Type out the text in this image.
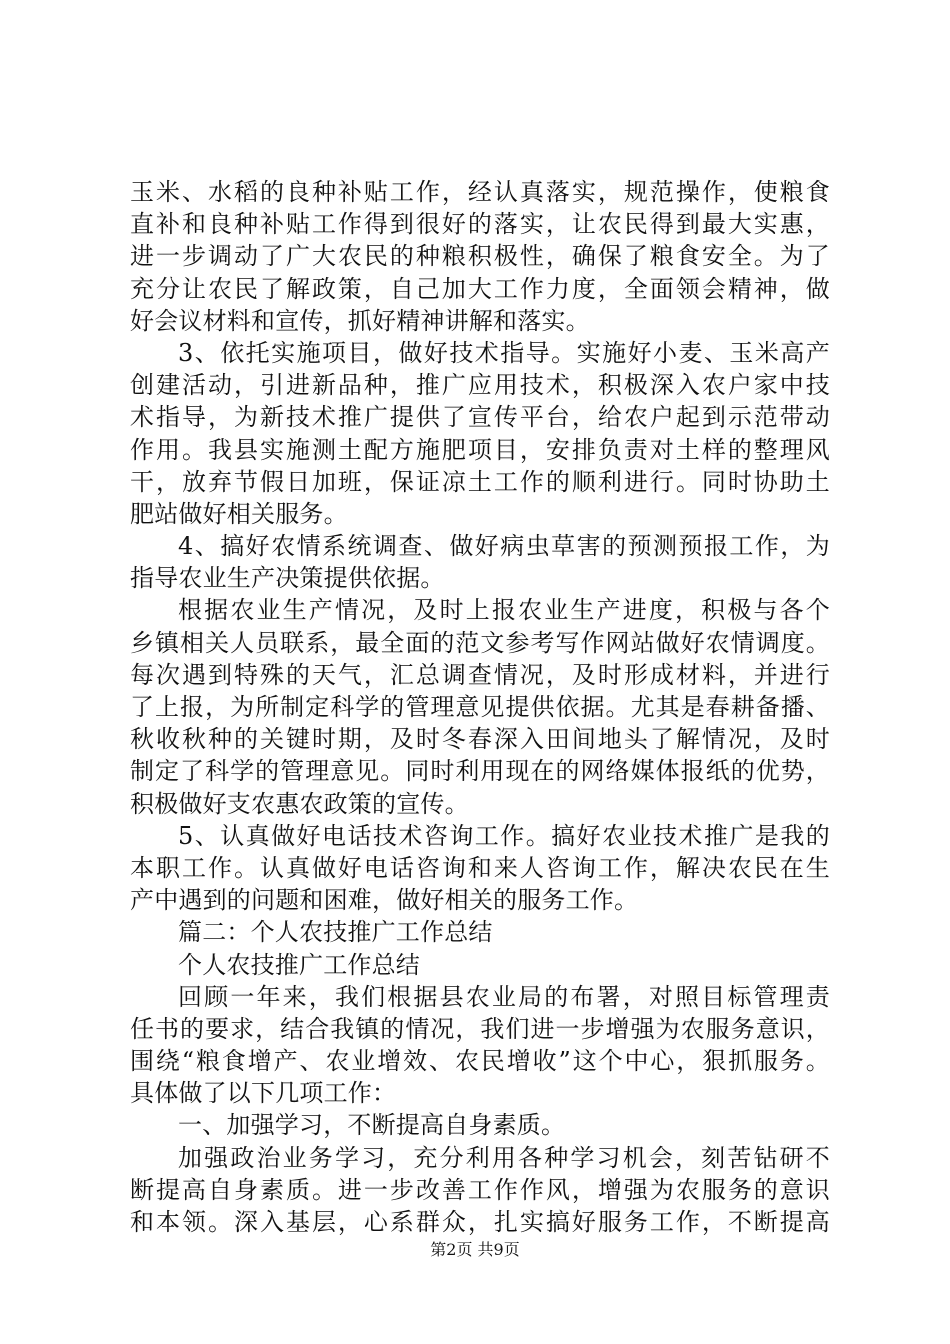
玉米、水稻的良种补贴工作，经认真落实，规范操作，使粮食
直补和良种补贴工作得到很好的落实，让农民得到最大实惠，
进一步调动了广大农民的种粮积极性，确保了粮食安全。为了
充分让农民了解政策，自己加大工作力度，全面领会精神，做
好会议材料和宣传，抓好精神讲解和落实。
3、依托实施项目，做好技术指导。实施好小麦、玉米高产
创建活动，引进新品种，推广应用技术，积极深入农户家中技
术指导，为新技术推广提供了宣传平台，给农户起到示范带动
作用。我县实施测土配方施肥项目，安排负责对土样的整理风
干，放弃节假日加班，保证凉土工作的顺利进行。同时协助土
肥站做好相关服务。
4、搞好农情系统调查、做好病虫草害的预测预报工作，为
指导农业生产决策提供依据。
根据农业生产情况，及时上报农业生产进度，积极与各个
乡镇相关人员联系，最全面的范文参考写作网站做好农情调度。
每次遇到特殊的天气，汇总调查情况，及时形成材料，并进行
了上报，为所制定科学的管理意见提供依据。尤其是春耕备播、
秋收秋种的关键时期，及时冬春深入田间地头了解情况，及时
制定了科学的管理意见。同时利用现在的网络媒体报纸的优势，
积极做好支农惠农政策的宣传。
5、认真做好电话技术咨询工作。搞好农业技术推广是我的
本职工作。认真做好电话咨询和来人咨询工作，解决农民在生
产中遇到的问题和困难，做好相关的服务工作。
篇二：个人农技推广工作总结
个人农技推广工作总结
回顾一年来，我们根据县农业局的布署，对照目标管理责
任书的要求，结合我镇的情况，我们进一步增强为农服务意识，
围绕“粮食增产、农业增效、农民增收”这个中心，狠抓服务。
具体做了以下几项工作：
一、加强学习，不断提高自身素质。
加强政治业务学习，充分利用各种学习机会，刻苦钻研不
断提高自身素质。进一步改善工作作风，增强为农服务的意识
和本领。深入基层，心系群众，扎实搞好服务工作，不断提高
第2页 共9页
